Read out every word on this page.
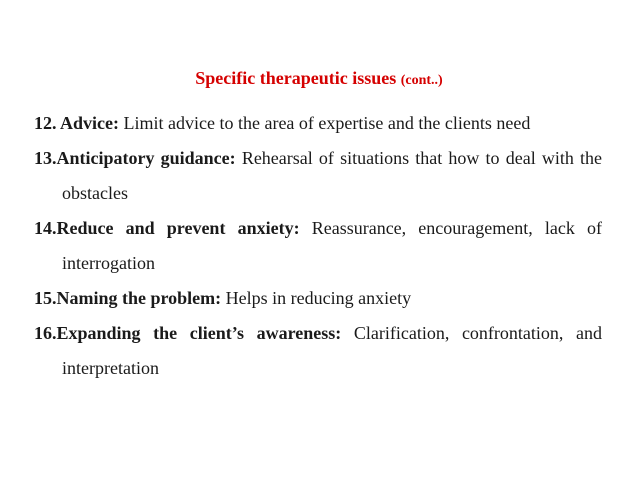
Specific therapeutic issues (cont..)
12. Advice: Limit advice to the area of expertise and the clients need
13.Anticipatory guidance: Rehearsal of situations that how to deal with the obstacles
14.Reduce and prevent anxiety: Reassurance, encouragement, lack of interrogation
15.Naming the problem: Helps in reducing anxiety
16.Expanding the client’s awareness: Clarification, confrontation, and interpretation
